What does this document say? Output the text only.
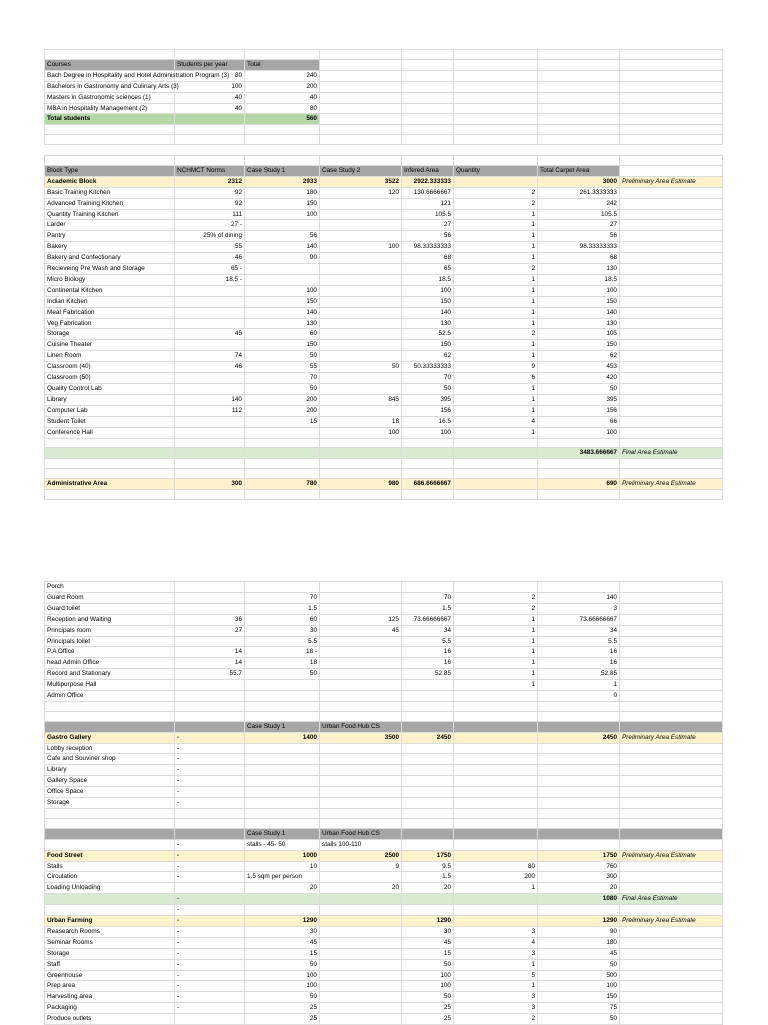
Courses	Students per year	Total					
Bach Degree in Hospitality and Hotel Administration Program (3)	80	240					
Bachelors in Gastronomy and Culinary Arts (3)	100	200					
Masters in Gastronomic sciences (1)	40	40					
MBA in Hospitality Management (2)	40	80					
Total students		560					

Block Type	NCHMCT Norms	Case Study 1	Case Study 2	Infered Area	Quantity	Total Carpet Area	
Academic Block	2312	2933	3522	2922.333333		3000	Preliminary Area Estimate
Basic Training Kitchen	92	180	120	130.6666667	2	261.3333333	
Advanced Training Kitchen	92	150		121	2	242	
Quantity Training Kitchen	111	100		105.5	1	105.5	
Larder	27 -			27	1	27	
Pantry	25% of dining	56		56	1	56	
Bakery	55	140	100	98.33333333	1	98.33333333	
Bakery and Confectionary	46	90		68	1	68	
Recieveing Pre Wash and Storage	65 -			65	2	130	
Micro Biology	18.5 -			18.5	1	18.5	
Continental Kitchen		100		100	1	100	
Indian Kitchen		150		150	1	150	
Meat Fabrication		140		140	1	140	
Veg Fabrication		130		130	1	130	
Storage	45	60		52.5	2	105	
Cuisine Theater		150		150	1	150	
Linen Room	74	50		62	1	62	
Classroom (40)	46	55	50	50.33333333	9	453	
Classroom (50)		70		70	6	420	
Quality Control Lab		50		50	1	50	
Library	140	200	845	395	1	395	
Computer Lab	112	200		156	1	156	
Student Toilet		15	18	16.5	4	66	
Conference Hall			100	100	1	100	

						3483.666667	Final Area Estimate

Administrative Area	300	780	980	686.6666667		690	Preliminary Area Estimate

Porch							
Guard Room		70		70	2	140	
Guard toilet		1.5		1.5	2	3	
Reception and Waiting	36	60	125	73.66666667	1	73.66666667	
Principals room	27	30	45	34	1	34	
Principals toilet		5.5		5.5	1	5.5	
P.A Office	14	18 -		16	1	16	
head Admin Office	14	18		16	1	16	
Record and Stationary	55.7	50		52.85	1	52.85	
Multipurpose Hall					1	1	
Admin Office						0	

		Case Study 1	Urban Food Hub CS				
Gastro Gallery	-	1400	3500	2450		2450	Preliminary Area Estimate
Lobby reception	-						
Cafe and Souviner shop	-						
Library	-						
Gallery Space	-						
Office Space	-						
Storage	-						

		Case Study 1	Urban Food Hub CS				
	-	stalls - 45- 50	stalls 100-110				
Food Street	-	1000	2500	1750		1750	Preliminary Area Estimate
Stalls	-	10	9	9.5	80	760	
Circulation	-	1.5 sqm per person		1.5	200	300	
Loading Unloading		20	20	20	1	20	
	-					1080	Final Area Estimate
	-						
Urban Farming	-	1290		1290		1290	Preliminary Area Estimate
Reasearch Rooms	-	30		30	3	90	
Seminar Rooms	-	45		45	4	180	
Storage	-	15		15	3	45	
Staff	-	50		50	1	50	
Greenhouse	-	100		100	5	500	
Prep area	-	100		100	1	100	
Harvesting area	-	50		50	3	150	
Packaging	-	25		25	3	75	
Produce outlets		25		25	2	50	
